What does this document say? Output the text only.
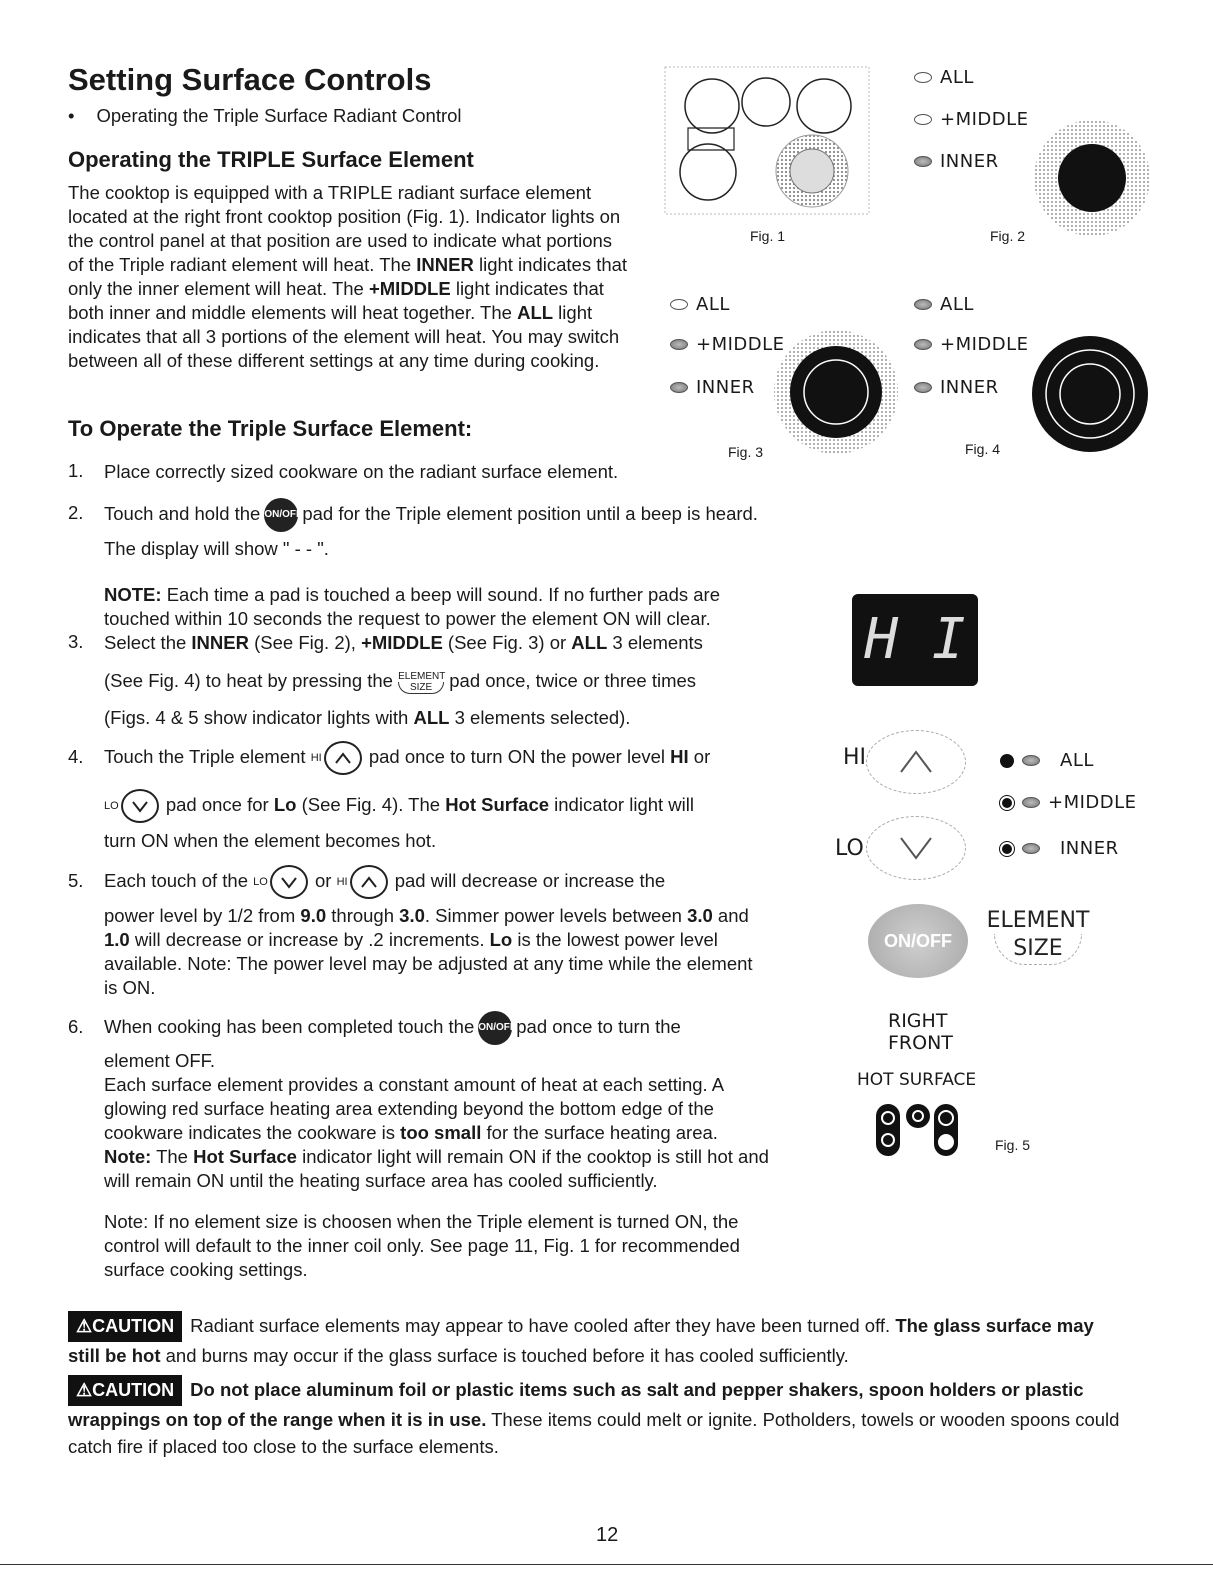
Setting Surface Controls
• Operating the Triple Surface Radiant Control
Operating the TRIPLE Surface Element
The cooktop is equipped with a TRIPLE radiant surface element located at the right front cooktop position (Fig. 1). Indicator lights on the control panel at that position are used to indicate what portions of the Triple radiant element will heat. The INNER light indicates that only the inner element will heat. The +MIDDLE light indicates that both inner and middle elements will heat together. The ALL light indicates that all 3 portions of the element will heat. You may switch between all of these different settings at any time during cooking.
To Operate the Triple Surface Element:
1. Place correctly sized cookware on the radiant surface element.
2. Touch and hold the ON/OFFpad for the Triple element position until a beep is heard. The display will show " - - ".
NOTE: Each time a pad is touched a beep will sound. If no further pads are touched within 10 seconds the request to power the element ON will clear.
3. Select the INNER (See Fig. 2), +MIDDLE (See Fig. 3) or ALL 3 elements
(See Fig. 4) to heat by pressing the ELEMENT
SIZE pad once, twice or three times
(Figs. 4 & 5 show indicator lights with ALL 3 elements selected).
4. Touch the Triple element HI	pad once to turn ON the power level HI or
LO	pad once for Lo (See Fig. 4). The Hot Surface indicator light will
turn ON when the element becomes hot.
5. Each touch of the LO	or HI	pad will decrease or increase the
power level by 1/2 from 9.0 through 3.0. Simmer power levels between 3.0 and 1.0 will decrease or increase by .2 increments. Lo is the lowest power level available. Note: The power level may be adjusted at any time while the element is ON.
6. When cooking has been completed touch the ON/OFFpad once to turn the
element OFF.
Each surface element provides a constant amount of heat at each setting. A glowing red surface heating area extending beyond the bottom edge of the cookware indicates the cookware is too small for the surface heating area.
Note: The Hot Surface indicator light will remain ON if the cooktop is still hot and will remain ON until the heating surface area has cooled sufficiently.
Note: If no element size is choosen when the Triple element is turned ON, the control will default to the inner coil only. See page 11, Fig. 1 for recommended surface cooking settings.
⚠CAUTION Radiant surface elements may appear to have cooled after they have been turned off. The glass surface may still be hot and burns may occur if the glass surface is touched before it has cooled sufficiently.
⚠CAUTION Do not place aluminum foil or plastic items such as salt and pepper shakers, spoon holders or plastic wrappings on top of the range when it is in use. These items could melt or ignite. Potholders, towels or wooden spoons could catch fire if placed too close to the surface elements.
12
Fig. 1
ALL
+MIDDLE
INNER
Fig. 2
ALL
+MIDDLE
INNER
Fig. 3
ALL
+MIDDLE
INNER
Fig. 4
H I
HI
LO
ALL
+MIDDLE
INNER
ON/OFF
ELEMENT
SIZE
RIGHT
FRONT
HOT SURFACE
Fig. 5
